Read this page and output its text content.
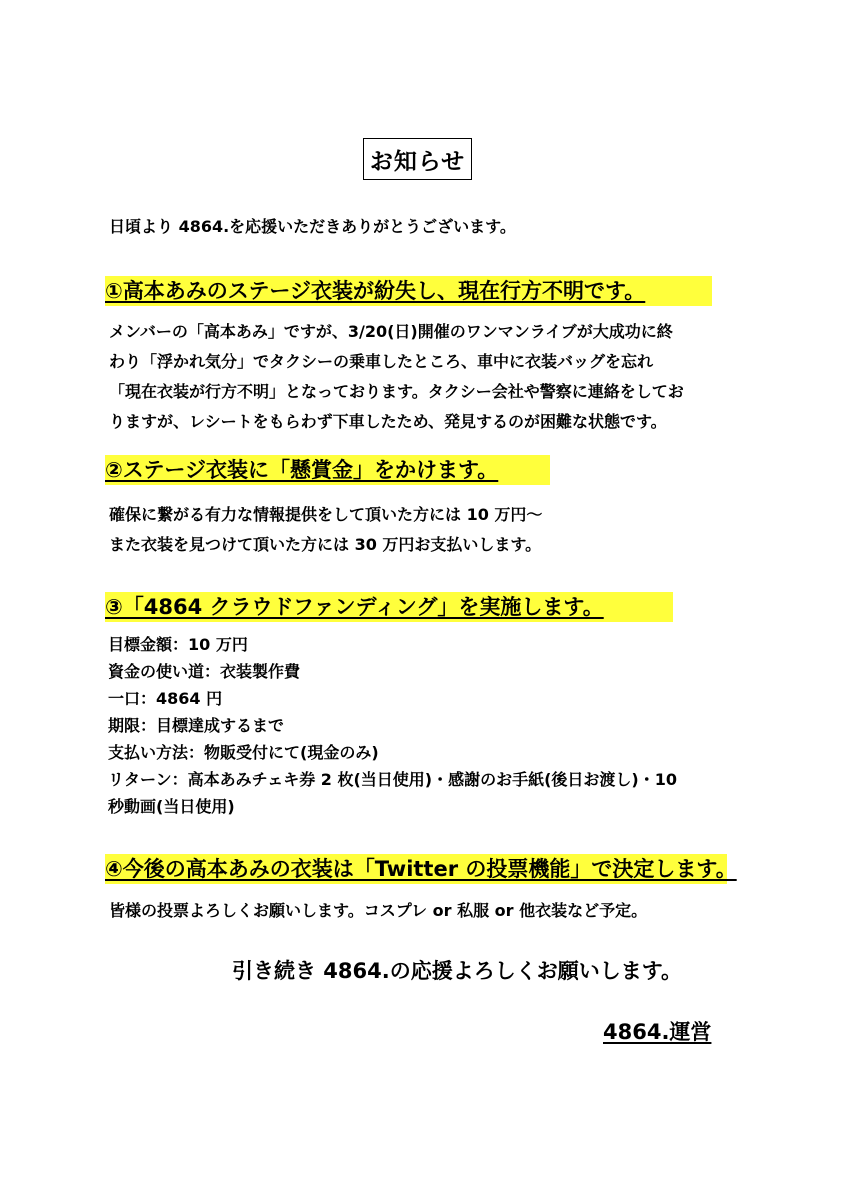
お知らせ
日頃より 4864.を応援いただきありがとうございます。
①高本あみのステージ衣装が紛失し、現在行方不明です。
メンバーの「高本あみ」ですが、3/20(日)開催のワンマンライブが大成功に終
わり「浮かれ気分」でタクシーの乗車したところ、車中に衣装バッグを忘れ
「現在衣装が行方不明」となっております。タクシー会社や警察に連絡をしてお
りますが、レシートをもらわず下車したため、発見するのが困難な状態です。
②ステージ衣装に「懸賞金」をかけます。
確保に繋がる有力な情報提供をして頂いた方には 10 万円〜
また衣装を見つけて頂いた方には 30 万円お支払いします。
③「4864 クラウドファンディング」を実施します。
目標金額：10 万円
資金の使い道：衣装製作費
一口：4864 円
期限：目標達成するまで
支払い方法：物販受付にて(現金のみ)
リターン：高本あみチェキ券 2 枚(当日使用)・感謝のお手紙(後日お渡し)・10
秒動画(当日使用)
④今後の高本あみの衣装は「Twitter の投票機能」で決定します。
皆様の投票よろしくお願いします。コスプレ or 私服 or 他衣装など予定。
引き続き 4864.の応援よろしくお願いします。
4864.運営
